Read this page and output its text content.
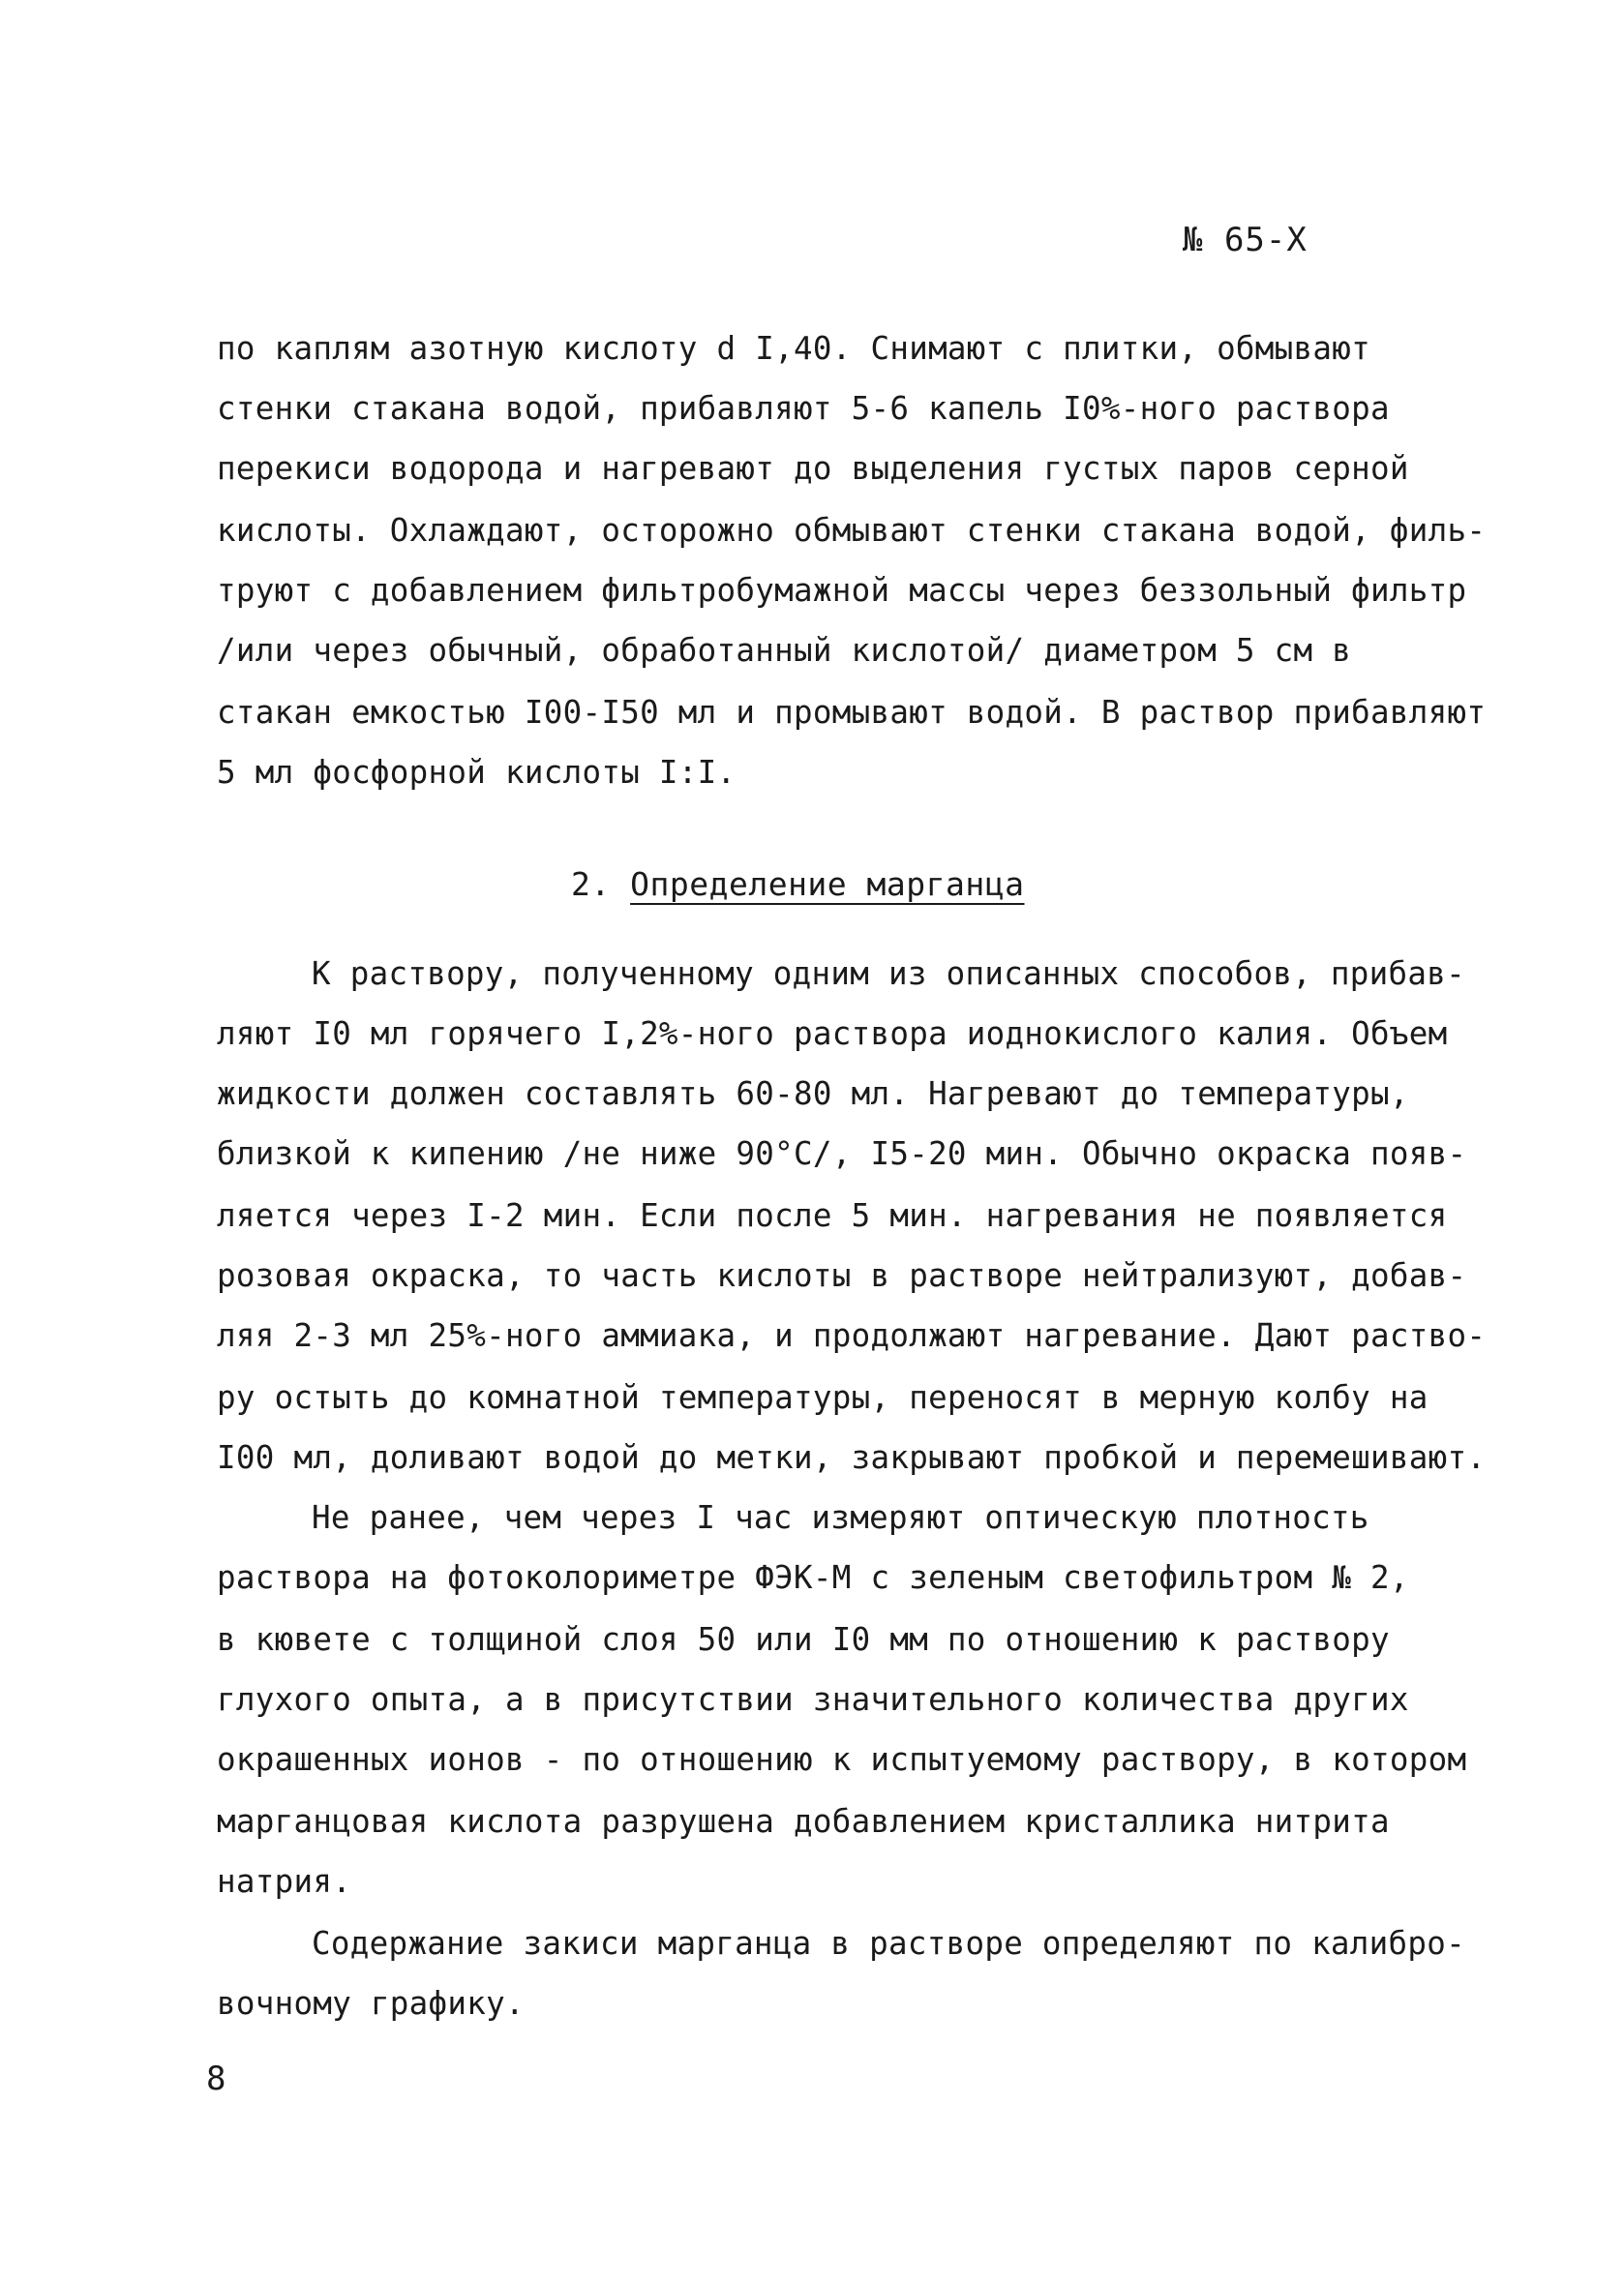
№ 65-Х
по каплям азотную кислоту d I,40. Снимают с плитки, обмывают
стенки стакана водой, прибавляют 5-6 капель I0%-ного раствора
перекиси водорода и нагревают до выделения густых паров серной
кислоты. Охлаждают, осторожно обмывают стенки стакана водой, филь-
труют с добавлением фильтробумажной массы через беззольный фильтр
/или через обычный, обработанный кислотой/ диаметром 5 см в
стакан емкостью I00-I50 мл и промывают водой. В раствор прибавляют
5 мл фосфорной кислоты I:I.
2. Определение марганца
К раствору, полученному одним из описанных способов, прибав-
ляют I0 мл горячего I,2%-ного раствора иоднокислого калия. Объем
жидкости должен составлять 60-80 мл. Нагревают до температуры,
близкой к кипению /не ниже 90°С/, I5-20 мин. Обычно окраска появ-
ляется через I-2 мин. Если после 5 мин. нагревания не появляется
розовая окраска, то часть кислоты в растворе нейтрализуют, добав-
ляя 2-3 мл 25%-ного аммиака, и продолжают нагревание. Дают раство-
ру остыть до комнатной температуры, переносят в мерную колбу на
I00 мл, доливают водой до метки, закрывают пробкой и перемешивают.
Не ранее, чем через I час измеряют оптическую плотность
раствора на фотоколориметре ФЭК-М с зеленым светофильтром № 2,
в кювете с толщиной слоя 50 или I0 мм по отношению к раствору
глухого опыта, а в присутствии значительного количества других
окрашенных ионов - по отношению к испытуемому раствору, в котором
марганцовая кислота разрушена добавлением кристаллика нитрита
натрия.
Содержание закиси марганца в растворе определяют по калибро-
вочному графику.
8
